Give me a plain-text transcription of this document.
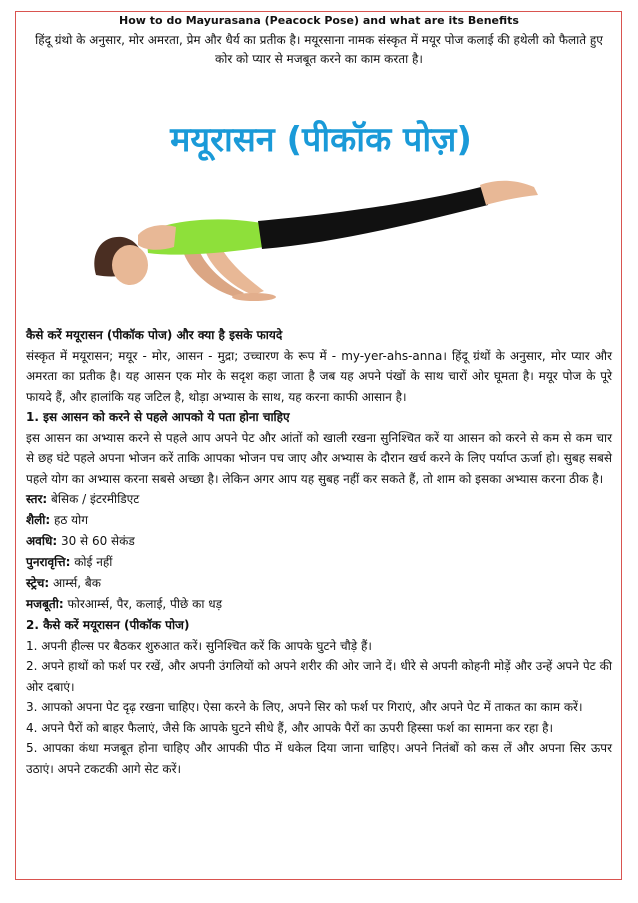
How to do Mayurasana (Peacock Pose) and what are its Benefits

हिंदू ग्रंथो के अनुसार, मोर अमरता, प्रेम और धैर्य का प्रतीक है। मयूरसाना नामक संस्कृत में मयूर पोज कलाई की हथेली को फैलाते हुए कोर को प्यार से मजबूत करने का काम करता है।

मयूरासन (पीकॉक पोज़)

कैसे करें मयूरासन (पीकॉक पोज) और क्या है इसके फायदे

संस्कृत में मयूरासन; मयूर - मोर, आसन - मुद्रा; उच्चारण के रूप में - my-yer-ahs-anna। हिंदू ग्रंथों के अनुसार, मोर प्यार और अमरता का प्रतीक है। यह आसन एक मोर के सदृश कहा जाता है जब यह अपने पंखों के साथ चारों ओर घूमता है। मयूर पोज के पूरे फायदे हैं, और हालांकि यह जटिल है, थोड़ा अभ्यास के साथ, यह करना काफी आसान है।

1. इस आसन को करने से पहले आपको ये पता होना चाहिए

इस आसन का अभ्यास करने से पहले आप अपने पेट और आंतों को खाली रखना सुनिश्चित करें या आसन को करने से कम से कम चार से छह घंटे पहले अपना भोजन करें ताकि आपका भोजन पच जाए और अभ्यास के दौरान खर्च करने के लिए पर्याप्त ऊर्जा हो। सुबह सबसे पहले योग का अभ्यास करना सबसे अच्छा है। लेकिन अगर आप यह सुबह नहीं कर सकते हैं, तो शाम को इसका अभ्यास करना ठीक है।

स्तर: बेसिक / इंटरमीडिएट

शैली: हठ योग

अवधि: 30 से 60 सेकंड

पुनरावृत्ति: कोई नहीं

स्ट्रेच: आर्म्स, बैक

मजबूती: फोरआर्म्स, पैर, कलाई, पीछे का धड़

2. कैसे करें मयूरासन (पीकॉक पोज)

1. अपनी हील्स पर बैठकर शुरुआत करें। सुनिश्चित करें कि आपके घुटने चौड़े हैं।

2. अपने हाथों को फर्श पर रखें, और अपनी उंगलियों को अपने शरीर की ओर जाने दें। धीरे से अपनी कोहनी मोड़ें और उन्हें अपने पेट की ओर दबाएं।

3. आपको अपना पेट दृढ़ रखना चाहिए। ऐसा करने के लिए, अपने सिर को फर्श पर गिराएं, और अपने पेट में ताकत का काम करें।

4. अपने पैरों को बाहर फैलाएं, जैसे कि आपके घुटने सीधे हैं, और आपके पैरों का ऊपरी हिस्सा फर्श का सामना कर रहा है।

5. आपका कंधा मजबूत होना चाहिए और आपकी पीठ में धकेल दिया जाना चाहिए। अपने नितंबों को कस लें और अपना सिर ऊपर उठाएं। अपने टकटकी आगे सेट करें।
